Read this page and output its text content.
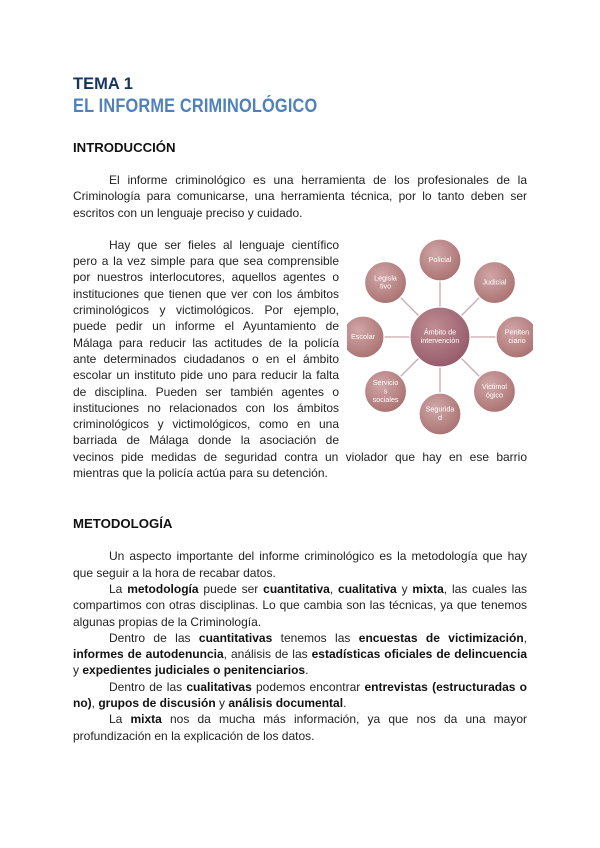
TEMA 1
EL INFORME CRIMINOLÓGICO
INTRODUCCIÓN

El informe criminológico es una herramienta de los profesionales de la Criminología para comunicarse, una herramienta técnica, por lo tanto deben ser escritos con un lenguaje preciso y cuidado.

Policial
Judicial
Peniten
ciario
Victimol
ógico
Segurida
d
Servicio
s
sociales
Escolar
Legisla
tivo
Ámbito de
intervención

Hay que ser fieles al lenguaje científico pero a la vez simple para que sea comprensible por nuestros interlocutores, aquellos agentes o instituciones que tienen que ver con los ámbitos criminológicos y victimológicos. Por ejemplo, puede pedir un informe el Ayuntamiento de Málaga para reducir las actitudes de la policía ante determinados ciudadanos o en el ámbito escolar un instituto pide uno para reducir la falta de disciplina. Pueden ser también agentes o instituciones no relacionados con los ámbitos criminológicos y victimológicos, como en una barriada de Málaga donde la asociación de vecinos pide medidas de seguridad contra un violador que hay en ese barrio mientras que la policía actúa para su detención.

METODOLOGÍA

Un aspecto importante del informe criminológico es la metodología que hay que seguir a la hora de recabar datos.

La metodología puede ser cuantitativa, cualitativa y mixta, las cuales las compartimos con otras disciplinas. Lo que cambia son las técnicas, ya que tenemos algunas propias de la Criminología.

Dentro de las cuantitativas tenemos las encuestas de victimización, informes de autodenuncia, análisis de las estadísticas oficiales de delincuencia y expedientes judiciales o penitenciarios.

Dentro de las cualitativas podemos encontrar entrevistas (estructuradas o no), grupos de discusión y análisis documental.

La mixta nos da mucha más información, ya que nos da una mayor profundización en la explicación de los datos.
